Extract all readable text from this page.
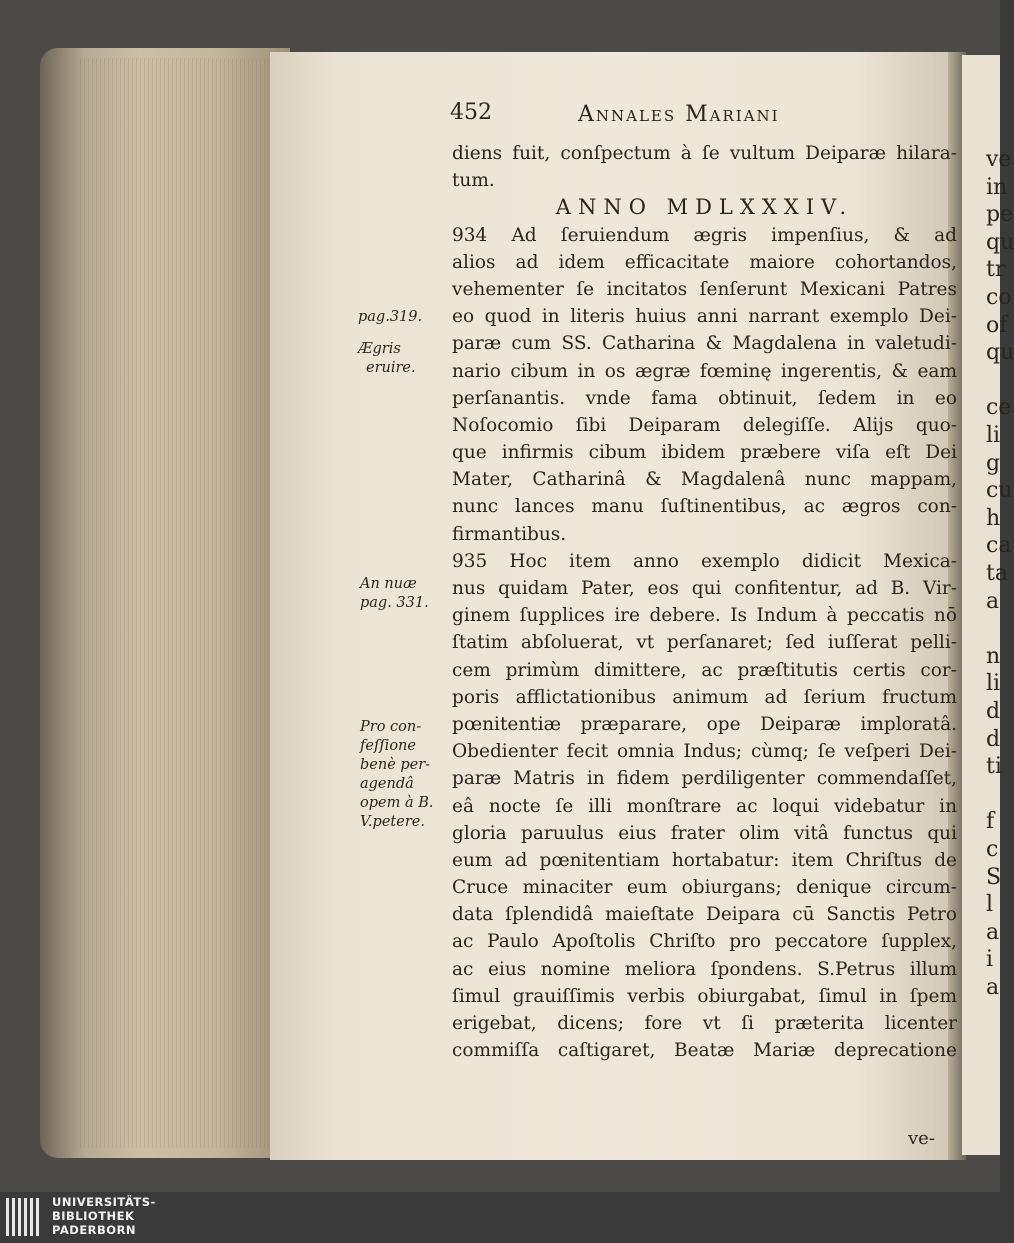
ve
in
pe
qu
tr
co
of
qu
ce
li
g
cu
h
ca
ta
a
n
li
d
d
ti
f
c
S
l
a
i
a
452	Annales Mariani
diens fuit, conſpectum à ſe vultum Deiparæ hilara-
tum.
ANNO MDLXXXIV.
934 Ad ſeruiendum ægris impenſius, & ad
alios ad idem efficacitate maiore cohortandos,
vehementer ſe incitatos ſenſerunt Mexicani Patres
eo quod in literis huius anni narrant exemplo Dei-
paræ cum SS. Catharina & Magdalena in valetudi-
nario cibum in os ægræ fœminę ingerentis, & eam
perſanantis. vnde fama obtinuit, ſedem in eo
Noſocomio ſibi Deiparam delegiſſe. Alijs quo-
que infirmis cibum ibidem præbere viſa eſt Dei
Mater, Catharinâ & Magdalenâ nunc mappam,
nunc lances manu ſuſtinentibus, ac ægros con-
firmantibus.
935 Hoc item anno exemplo didicit Mexica-
nus quidam Pater, eos qui confitentur, ad B. Vir-
ginem ſupplices ire debere. Is Indum à peccatis nō
ſtatim abſoluerat, vt perſanaret; ſed iuſſerat pelli-
cem primùm dimittere, ac præſtitutis certis cor-
poris afflictationibus animum ad ſerium fructum
pœnitentiæ præparare, ope Deiparæ imploratâ.
Obedienter fecit omnia Indus; cùmq; ſe veſperi Dei-
paræ Matris in fidem perdiligenter commendaſſet,
eâ nocte ſe illi monſtrare ac loqui videbatur in
gloria paruulus eius frater olim vitâ functus qui
eum ad pœnitentiam hortabatur: item Chriſtus de
Cruce minaciter eum obiurgans; denique circum-
data ſplendidâ maieſtate Deipara cū Sanctis Petro
ac Paulo Apoſtolis Chriſto pro peccatore ſupplex,
ac eius nomine meliora ſpondens. S.Petrus illum
ſimul grauiſſimis verbis obiurgabat, ſimul in ſpem
erigebat, dicens; fore vt ſi præterita licenter
commiſſa caſtigaret, Beatæ Mariæ deprecatione
pag.319.
Ægris
eruire.
An nuæ
pag. 331.
Pro con-
feſſione
benè per-
agendâ
opem à B.
V.petere.
ve-
UNIVERSITÄTS-
BIBLIOTHEK
PADERBORN
